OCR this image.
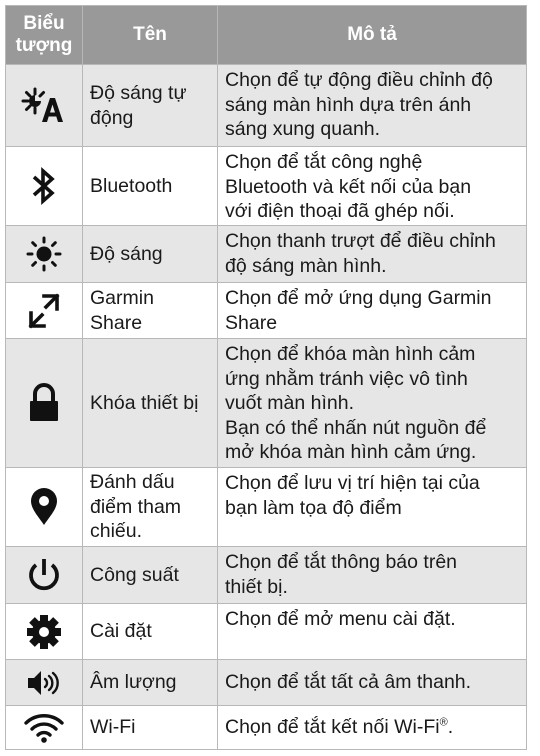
Biểu
tượng	Tên	Mô tả

Độ sáng tự
động	Chọn để tự động điều chỉnh độ
sáng màn hình dựa trên ánh
sáng xung quanh.

Bluetooth	Chọn để tắt công nghệ
Bluetooth và kết nối của bạn
với điện thoại đã ghép nối.

Độ sáng	Chọn thanh trượt để điều chỉnh
độ sáng màn hình.

Garmin
Share	Chọn để mở ứng dụng Garmin
Share

Khóa thiết bị	Chọn để khóa màn hình cảm
ứng nhằm tránh việc vô tình
vuốt màn hình.
Bạn có thể nhấn nút nguồn để
mở khóa màn hình cảm ứng.

Đánh dấu
điểm tham
chiếu.	Chọn để lưu vị trí hiện tại của
bạn làm tọa độ điểm

Công suất	Chọn để tắt thông báo trên
thiết bị.

Cài đặt	Chọn để mở menu cài đặt.

Âm lượng	Chọn để tắt tất cả âm thanh.

Wi-Fi	Chọn để tắt kết nối Wi-Fi®.
